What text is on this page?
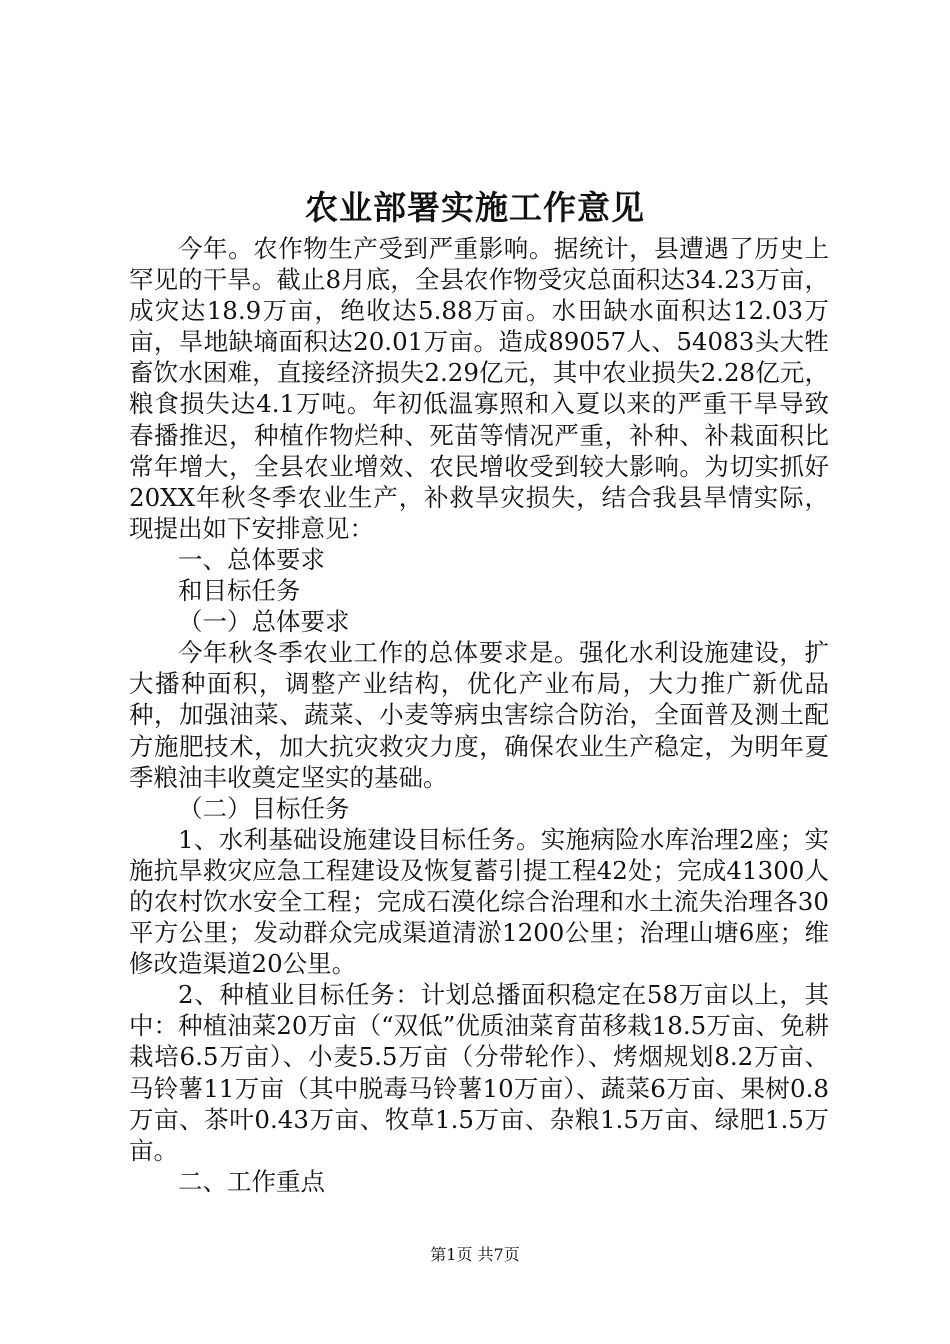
农业部署实施工作意见

今年。农作物生产受到严重影响。据统计，县遭遇了历史上罕见的干旱。截止8月底，全县农作物受灾总面积达34.23万亩，成灾达18.9万亩，绝收达5.88万亩。水田缺水面积达12.03万亩，旱地缺墒面积达20.01万亩。造成89057人、54083头大牲畜饮水困难，直接经济损失2.29亿元，其中农业损失2.28亿元，粮食损失达4.1万吨。年初低温寡照和入夏以来的严重干旱导致春播推迟，种植作物烂种、死苗等情况严重，补种、补栽面积比常年增大，全县农业增效、农民增收受到较大影响。为切实抓好20XX年秋冬季农业生产，补救旱灾损失，结合我县旱情实际，现提出如下安排意见：

一、总体要求

和目标任务

（一）总体要求

今年秋冬季农业工作的总体要求是。强化水利设施建设，扩大播种面积，调整产业结构，优化产业布局，大力推广新优品种，加强油菜、蔬菜、小麦等病虫害综合防治，全面普及测土配方施肥技术，加大抗灾救灾力度，确保农业生产稳定，为明年夏季粮油丰收奠定坚实的基础。

（二）目标任务

1、水利基础设施建设目标任务。实施病险水库治理2座；实施抗旱救灾应急工程建设及恢复蓄引提工程42处；完成41300人的农村饮水安全工程；完成石漠化综合治理和水土流失治理各30平方公里；发动群众完成渠道清淤1200公里；治理山塘6座；维修改造渠道20公里。

2、种植业目标任务：计划总播面积稳定在58万亩以上，其中：种植油菜20万亩（“双低”优质油菜育苗移栽18.5万亩、免耕栽培6.5万亩）、小麦5.5万亩（分带轮作）、烤烟规划8.2万亩、马铃薯11万亩（其中脱毒马铃薯10万亩）、蔬菜6万亩、果树0.8万亩、茶叶0.43万亩、牧草1.5万亩、杂粮1.5万亩、绿肥1.5万亩。

二、工作重点

第1页 共7页
